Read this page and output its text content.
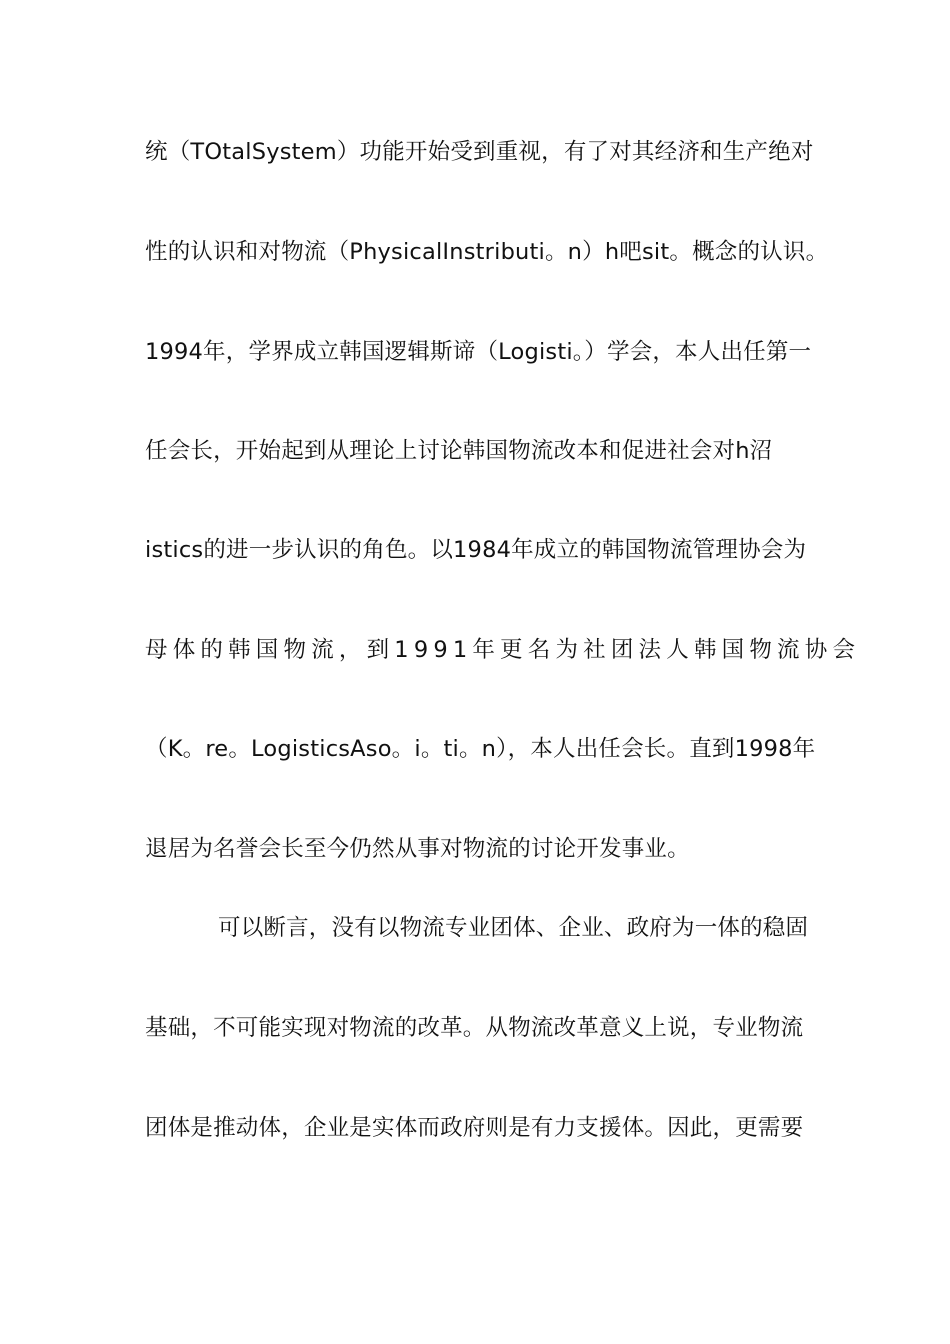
统（TOtalSystem）功能开始受到重视，有了对其经济和生产绝对
性的认识和对物流（PhysicalInstributi。n）h吧sit。概念的认识。
1994年，学界成立韩国逻辑斯谛（Logisti。）学会，本人出任第一
任会长，开始起到从理论上讨论韩国物流改本和促进社会对h沼
istics的进一步认识的角色。以1984年成立的韩国物流管理协会为
母体的韩国物流，到1991年更名为社团法人韩国物流协会
（K。re。LogisticsAso。i。ti。n），本人出任会长。直到1998年
退居为名誉会长至今仍然从事对物流的讨论开发事业。
可以断言，没有以物流专业团体、企业、政府为一体的稳固
基础，不可能实现对物流的改革。从物流改革意义上说，专业物流
团体是推动体，企业是实体而政府则是有力支援体。因此，更需要
